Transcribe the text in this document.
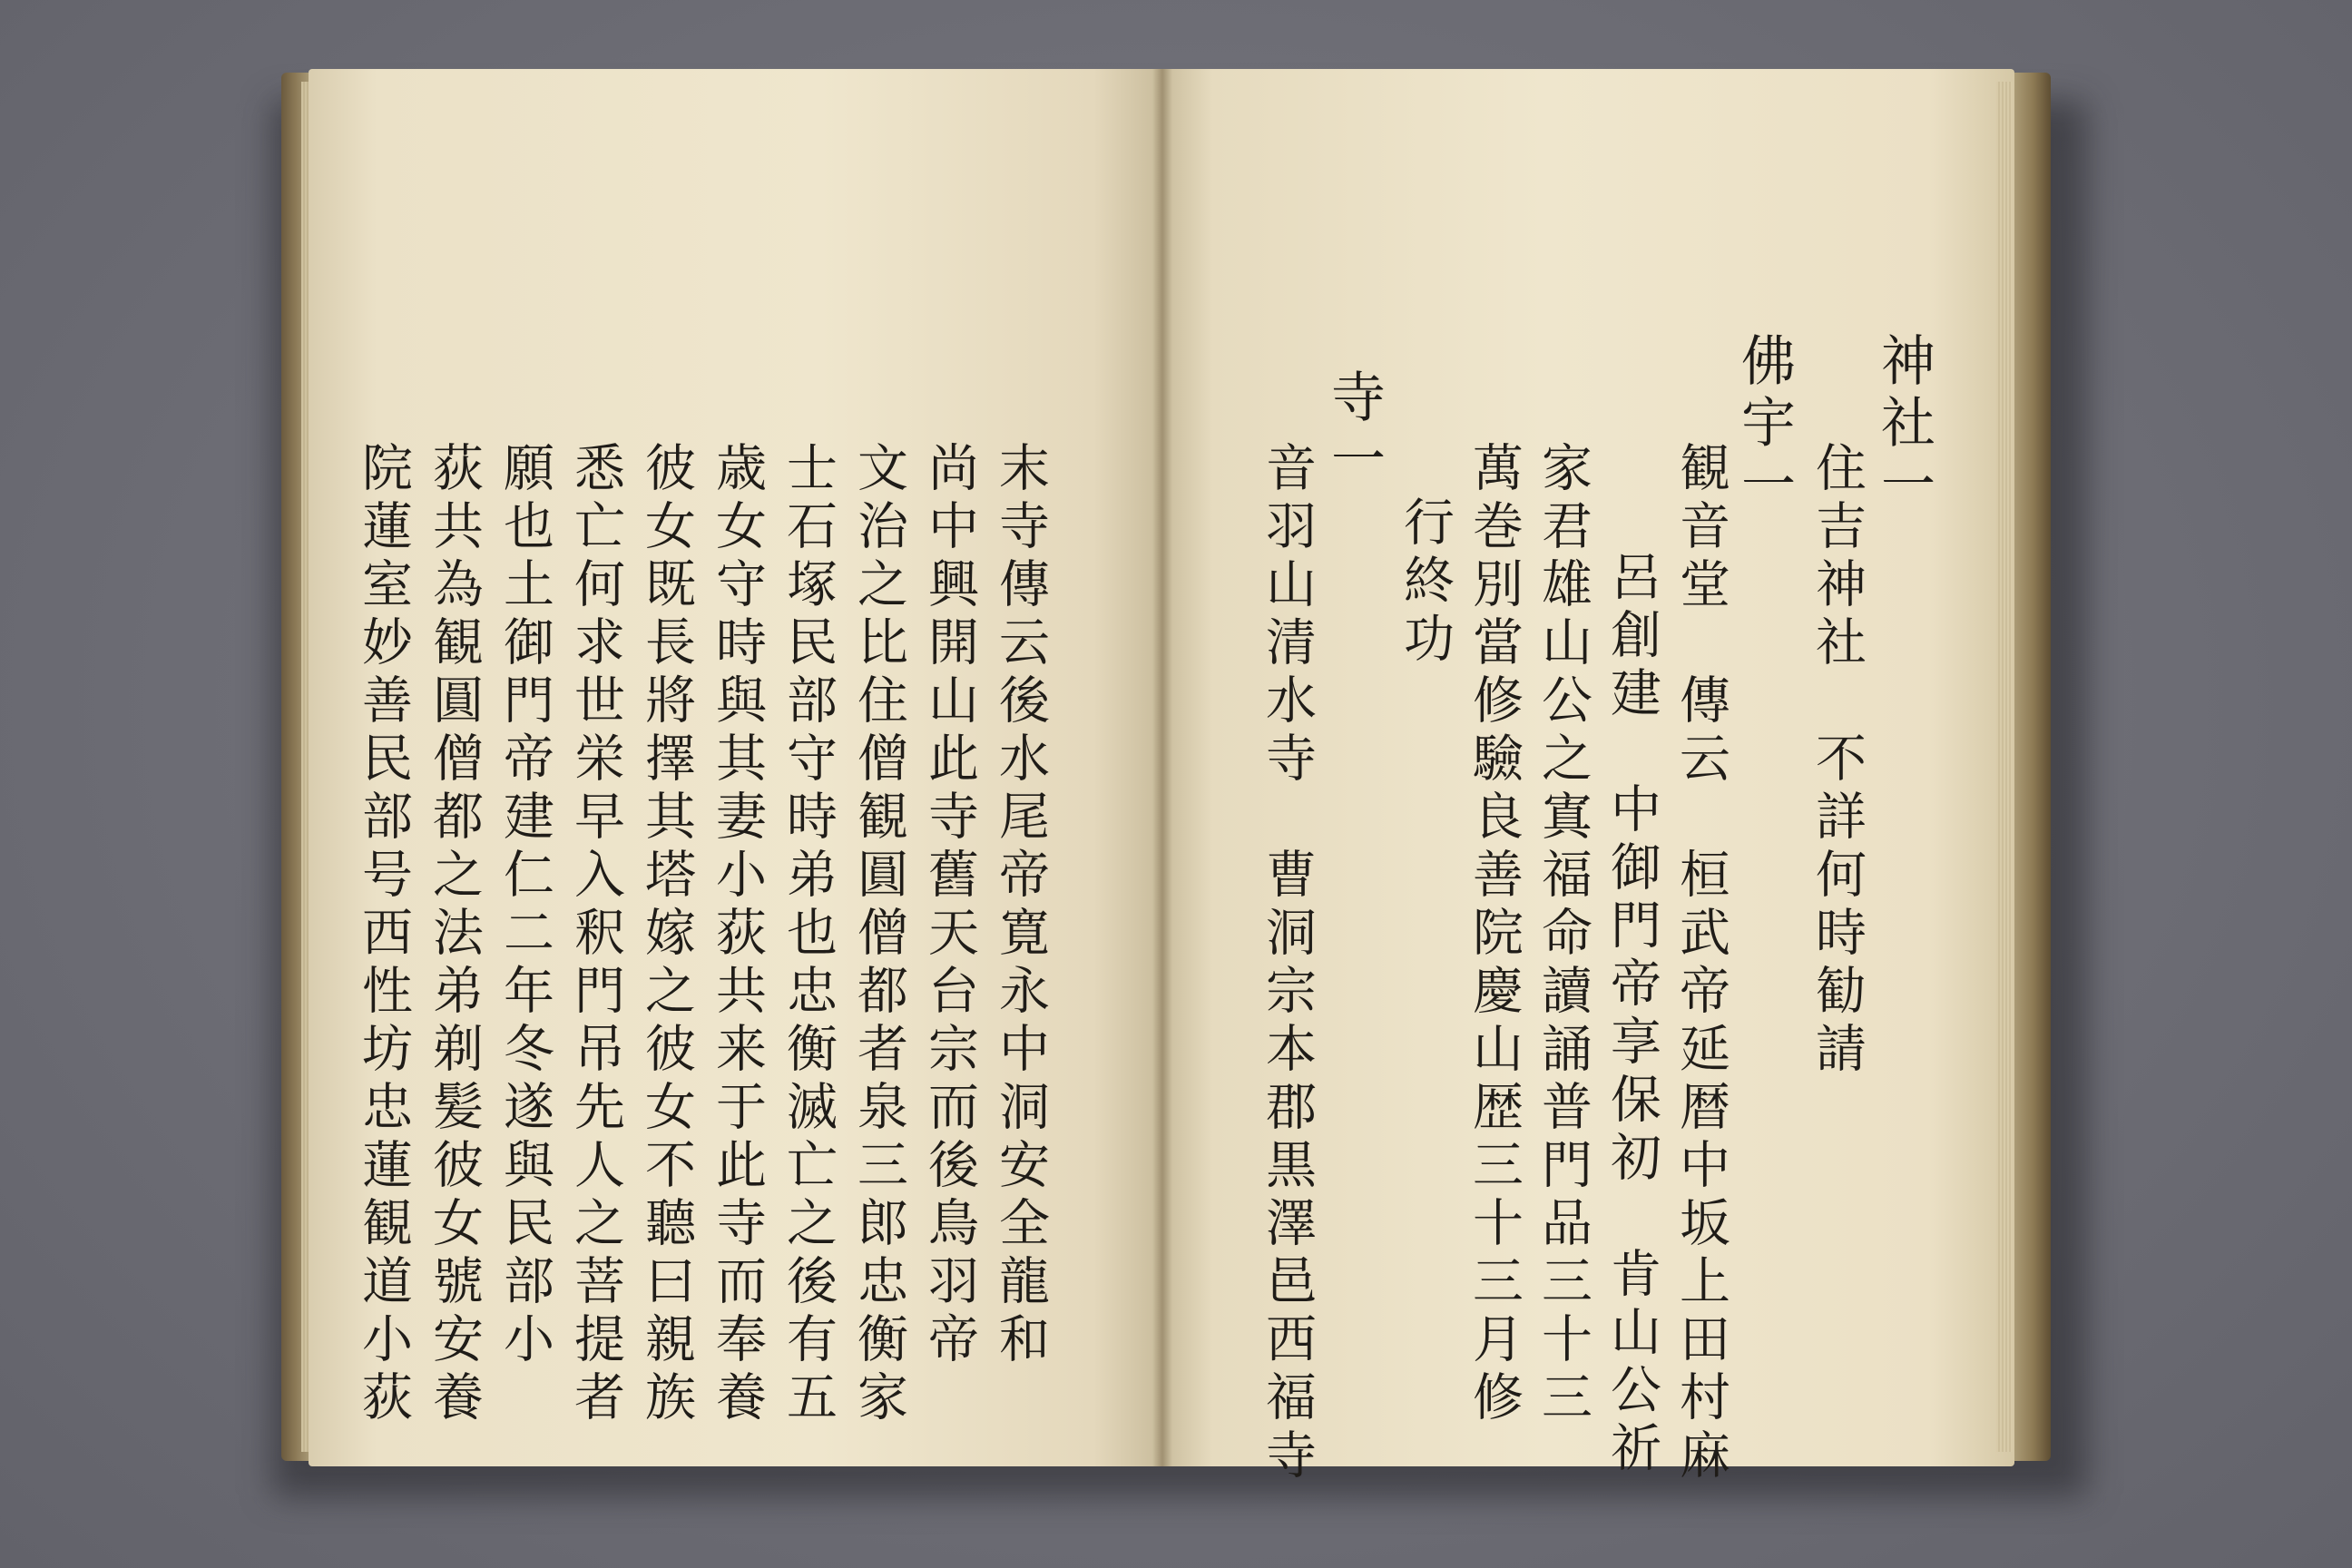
院蓮室妙善民部号西性坊忠蓮観道小荻 荻共為観圓僧都之法弟剃髪彼女號安養 願也土御門帝建仁二年冬遂與民部小 悉亡何求世栄早入釈門吊先人之菩提者 彼女既長將擇其塔嫁之彼女不聽曰親族 歳女守時與其妻小荻共来于此寺而奉養 士石塚民部守時弟也忠衡滅亡之後有五 文治之比住僧観圓僧都者泉三郎忠衡家 尚中興開山此寺舊天台宗而後鳥羽帝 末寺傳云後水尾帝寛永中洞安全龍和

神社一
住吉神社　不詳何時勧請
佛宇一
観音堂　傳云　桓武帝延暦中坂上田村麻
呂創建　中御門帝享保初　肯山公祈
家君雄山公之寘福命讀誦普門品三十三
萬巻別當修驗良善院慶山歴三十三月修
行終功
寺一
音羽山清水寺　曹洞宗本郡黒澤邑西福寺
